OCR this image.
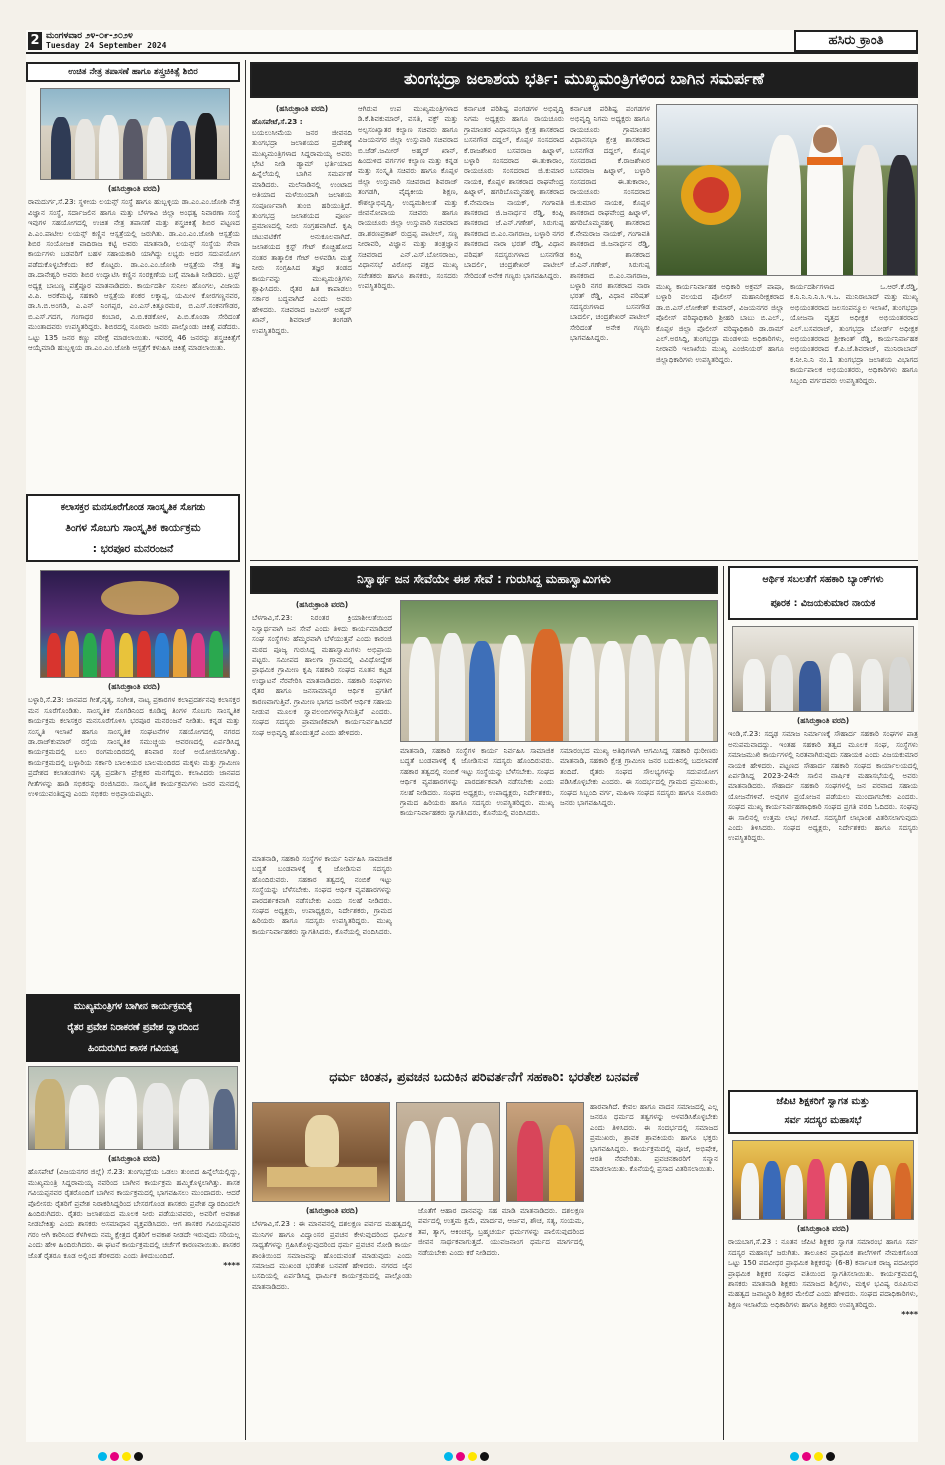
2 ಮಂಗಳವಾರ ೨೪-೦೯-೨೦೨೪
Tuesday 24 September 2024	ಹಸಿರು ಕ್ರಾಂತಿ
ಉಚಿತ ನೇತ್ರ ತಪಾಸಣೆ ಹಾಗೂ ಶಸ್ತ್ರಚಿಕಿತ್ಸೆ ಶಿಬಿರ
(ಹಸಿರುಕ್ರಾಂತಿ ವರದಿ)
ರಾಮದುರ್ಗ,ಸೆ.23: ಸ್ಥಳೀಯ ಲಯನ್ಸ್ ಸಂಸ್ಥೆ ಹಾಗೂ ಹುಬ್ಬಳ್ಳಿಯ ಡಾ.ಎಂ.ಎಂ.ಜೋಶಿ ನೇತ್ರ ವಿಜ್ಞಾನ ಸಂಸ್ಥೆ, ಸರ್ದಾಜಲಿನ ಹಾಗೂ ಮತ್ತು ಬೆಳಗಾವಿ ಜಿಲ್ಲಾ ಅಂಧತ್ವ ನಿವಾರಣಾ ಸಂಸ್ಥೆ ಇವುಗಳ ಸಹಯೋಗದಲ್ಲಿ ಉಚಿತ ನೇತ್ರ ತಪಾಸಣೆ ಮತ್ತು ಶಸ್ತ್ರಚಿಕಿತ್ಸೆ ಶಿಬಿರ ಪಟ್ಟಣದ ಪಿ.ಎಂ.ಪಾಟೀಲ ಲಯನ್ಸ್ ಕಣ್ಣಿನ ಆಸ್ಪತ್ರೆಯಲ್ಲಿ ಜರುಗಿತು. ಡಾ.ಎಂ.ಎಂ.ಜೋಶಿ ಆಸ್ಪತ್ರೆಯ ಶಿಬಿರ ಸಂಯೋಜಕ ವಾದಿರಾಜ ಕಟ್ಟಿ ಅವರು ಮಾತನಾಡಿ, ಲಯನ್ಸ್ ಸಂಸ್ಥೆಯ ಸೇವಾ ಕಾರ್ಯಗಳು ಬಡವರಿಗೆ ಬಹಳ ಸಹಾಯಕಾರಿ ಯಾಗಿದ್ದು ಲಭ್ಯರು ಅದರ ಸದುಪಯೋಗ ಪಡೆದುಕೊಳ್ಳಬೇಕೆಂದು ಕರೆ ಕೊಟ್ಟರು. ಡಾ.ಎಂ.ಎಂ.ಜೋಶಿ ಆಸ್ಪತ್ರೆಯ ನೇತ್ರ ತಜ್ಞ ಡಾ.ದಾನೇಶ್ವರಿ ಅವರು ಶಿಬಿರ ಉದ್ಘಾಟಿಸಿ ಕಣ್ಣಿನ ಸಂರಕ್ಷಣೆಯ ಬಗ್ಗೆ ಮಾಹಿತಿ ನೀಡಿದರು. ಟ್ರಸ್ಟ್ ಅಧ್ಯಕ್ಷ ಬಾಬಣ್ಣ ಪತ್ತೆಪ್ಪೂರ ಮಾತನಾಡಿದರು. ಕಾರ್ಯದರ್ಶಿ ಸುನೀಲ ಹೊಂಗಲ, ವಿಜಾಯ ವಿ.ಪಿ. ಅರಕೆಮಟ್ಟಿ, ಸಹಕಾರಿ ಆಸ್ಪತ್ರೆಯ ಶಂಕರ ಲಕ್ಕಾಪ್ಪ, ಯಮೀಳ ಕೋರಗಣ್ಣನವರ, ಡಾ.ಸಿ.ಬಿ.ಅಂಗಡಿ, ಎ.ಎನ್ ನಿಂಗಪ್ಪರ, ಎಂ.ಎಸ್.ಕಿತ್ತೂರಮಠ, ಬಿ.ಎಸ್.ಸಂಕನಗೌಡರ, ಬಿ.ಎಸ್.ಗದಗ, ಗಂಗಾಧರ ಕಂಬಾರ, ವಿ.ಬಿ.ಕಡಕೋಳ, ಪಿ.ಬಿ.ಕೊಂಡಾ ಸೇರಿದಂತೆ ಮುಂತಾದವರು ಉಪಸ್ಥಿತರಿದ್ದರು. ಶಿಬಿರದಲ್ಲಿ ನೂರಾರು ಜನರು ಪಾಲ್ಗೊಂಡು ಚಿಕಿತ್ಸೆ ಪಡೆದರು. ಒಟ್ಟು 135 ಜನರ ಕಣ್ಣು ಪರೀಕ್ಷೆ ಮಾಡಲಾಯಿತು. ಇವರಲ್ಲಿ 46 ಜನರನ್ನು ಶಸ್ತ್ರಚಿಕಿತ್ಸೆಗೆ ಆಯ್ಕೆಮಾಡಿ ಹುಬ್ಬಳ್ಳಿಯ ಡಾ.ಎಂ.ಎಂ.ಜೋಶಿ ಆಸ್ಪತ್ರೆಗೆ ಕಳುಹಿಸಿ ಚಿಕಿತ್ಸೆ ಮಾಡಲಾಯಿತು.
ಕಲಾಸಕ್ತರ ಮನಸೂರೆಗೊಂಡ ಸಾಂಸ್ಕೃತಿಕ ಸೊಗಡು
ತಿಂಗಳ ಸೊಬಗು ಸಾಂಸ್ಕೃತಿಕ ಕಾರ್ಯಕ್ರಮ
: ಭರಪೂರ ಮನರಂಜನೆ
(ಹಸಿರುಕ್ರಾಂತಿ ವರದಿ)
ಬಳ್ಳಾರಿ,ಸೆ.23: ಜಾನಪದ ಗೀತೆ,ನೃತ್ಯ, ಸಂಗೀತ, ನಾಟ್ಯ ಪ್ರಕಾರಗಳ ಕಲಾಪ್ರದರ್ಶನವು ಕಲಾಸಕ್ತರ ಮನ ಸೂರೆಗೊಂಡಿತು. ಸಾಂಸ್ಕೃತಿಕ ಸೊಗಡಿನಿಂದ ಕೂಡಿದ್ದ ತಿಂಗಳ ಸೊಬಗು ಸಾಂಸ್ಕೃತಿಕ ಕಾರ್ಯಕ್ರಮ ಕಲಾಸಕ್ತರ ಮನಸೂರೆಗೊಳಿಸಿ ಭರಪೂರ ಮನರಂಜನೆ ನೀಡಿತು. ಕನ್ನಡ ಮತ್ತು ಸಂಸ್ಕೃತಿ ಇಲಾಖೆ ಹಾಗೂ ಸಾಂಸ್ಕೃತಿಕ ಸಂಘಟನೆಗಳ ಸಹಯೋಗದಲ್ಲಿ ನಗರದ ಡಾ.ರಾಜ್‍ಕುಮಾರ್ ರಸ್ತೆಯ ಸಾಂಸ್ಕೃತಿಕ ಸಮುಚ್ಚಯ ಆವರಣದಲ್ಲಿ ಏರ್ಪಡಿಸಿದ್ದ ಕಾರ್ಯಕ್ರಮದಲ್ಲಿ ಬಲು ರಂಗಮಂದಿರದಲ್ಲಿ ಶನಿವಾರ ಸಂಜೆ ಅಯೋಜಿಸಲಾಗಿತ್ತು. ಕಾರ್ಯಕ್ರಮದಲ್ಲಿ ಬಳ್ಳಾರಿಯ ಸರ್ಕಾರಿ ಬಾಲಕಿಯರ ಬಾಲಮಂದಿರದ ಮಕ್ಕಳು ಮತ್ತು ಗ್ರಾಮೀಣ ಪ್ರದೇಶದ ಕಲಾತಂಡಗಳು ನೃತ್ಯ ಪ್ರದರ್ಶಿಸಿ ಪ್ರೇಕ್ಷಕರ ಮನಗೆದ್ದರು. ಕಲಾವಿದರು ಜಾನಪದ ಗೀತೆಗಳನ್ನು ಹಾಡಿ ಸಭಿಕರನ್ನು ರಂಜಿಸಿದರು. ಸಾಂಸ್ಕೃತಿಕ ಕಾರ್ಯಕ್ರಮಗಳು ಜನರ ಮನದಲ್ಲಿ ಉಳಿಯುವಂತಿದ್ದವು ಎಂದು ಸಭಿಕರು ಅಭಿಪ್ರಾಯಪಟ್ಟರು.
ಮುಖ್ಯಮಂತ್ರಿಗಳ ಬಾಗೀನ ಕಾರ್ಯಕ್ರಮಕ್ಕೆ
ರೈತರ ಪ್ರವೇಶ ನಿರಾಕರಣೆ ಪ್ರವೇಶ ದ್ವಾರದಿಂದ
ಹಿಂದುರುಗಿದ ಶಾಸಕ ಗವಿಯಪ್ಪ
(ಹಸಿರುಕ್ರಾಂತಿ ವರದಿ)
ಹೊಸಪೇಟೆ (ವಿಜಯನಗರ ಜಿಲ್ಲೆ) ಸೆ.23: ತುಂಗಭದ್ರೆಯ ಒಡಲು ತುಂಬಿದ ಹಿನ್ನೆಲೆಯಲ್ಲಿದ್ದು, ಮುಖ್ಯಮಂತ್ರಿ ಸಿದ್ದರಾಮಯ್ಯ ನವರಿಂದ ಬಾಗೀನ ಕಾರ್ಯಕ್ರಮ ಹಮ್ಮಿಕೊಳ್ಳಲಾಗಿತ್ತು. ಶಾಸಕ ಗವಿಯಪ್ಪನವರ ರೈತರೊಂದಿಗೆ ಬಾಗೀನ ಕಾರ್ಯಕ್ರಮದಲ್ಲಿ ಭಾಗವಹಿಸಲು ಮುಂದಾದರು. ಆದರೆ ಪೊಲೀಸರು ರೈತರಿಗೆ ಪ್ರವೇಶ ನಿರಾಕರಿಸಿದ್ದರಿಂದ ಬೇಸರಗೊಂಡ ಶಾಸಕರು ಪ್ರವೇಶ ದ್ವಾರದಿಂದಲೇ ಹಿಂದಿರುಗಿದರು. ರೈತರು ಜಲಾಶಯದ ಮೂಲಕ ನೀರು ಪಡೆಯುವವರು, ಅವರಿಗೆ ಅವಕಾಶ ನೀಡಬೇಕಿತ್ತು ಎಂದು ಶಾಸಕರು ಅಸಮಾಧಾನ ವ್ಯಕ್ತಪಡಿಸಿದರು. ಆಗ ಶಾಸಕರ ಗವಿಯಪ್ಪನವರ ಗರಂ ಆಗಿ ಕಾರಿನಿಂದ ಕೆಳಗಿಳಿದು ನಮ್ಮ ಕ್ಷೇತ್ರದ ರೈತರಿಗೆ ಅವಕಾಶ ನೀಡದೇ ಇರುವುದು ಸರಿಯಲ್ಲ ಎಂದು ಹೇಳಿ ಹಿಂದಿರುಗಿದರು. ಈ ಘಟನೆ ಕಾರ್ಯಕ್ರಮದಲ್ಲಿ ಚರ್ಚೆಗೆ ಕಾರಣವಾಯಿತು. ಶಾಸಕರ ಜೊತೆ ರೈತರೂ ಕೂಡ ಅಲ್ಲಿಂದ ತೆರಳಿದರು ಎಂದು ತಿಳಿದುಬಂದಿದೆ.
****
ತುಂಗಭದ್ರಾ ಜಲಾಶಯ ಭರ್ತಿ: ಮುಖ್ಯಮಂತ್ರಿಗಳಿಂದ ಬಾಗಿನ ಸಮರ್ಪಣೆ
(ಹಸಿರುಕ್ರಾಂತಿ ವರದಿ)
ಹೊಸಪೇಟೆ,ಸೆ.23 :
ಬಯಲುಸೀಮೆಯ ಜನರ ಜೀವನದಿ ತುಂಗಭದ್ರಾ ಜಲಾಶಯದ ಪ್ರದೇಶಕ್ಕೆ ಮುಖ್ಯಮಂತ್ರಿಗಳಾದ ಸಿದ್ದರಾಮಯ್ಯ ಅವರು ಭೇಟಿ ನೀಡಿ ಡ್ಯಾಮ್ ಭರ್ತಿಯಾದ ಹಿನ್ನೆಲೆಯಲ್ಲಿ ಬಾಗಿನ ಸಮರ್ಪಣೆ ಮಾಡಿದರು. ಮಲೆನಾಡಿನಲ್ಲಿ ಉಂಟಾದ ಅತಿಯಾದ ಮಳೆಯಿಂದಾಗಿ ಜಲಾಶಯ ಸಂಪೂರ್ಣವಾಗಿ ತುಂಬಿ ಹರಿಯುತ್ತಿದೆ. ತುಂಗಭದ್ರ ಜಲಾಶಯದ ಪೂರ್ಣ ಪ್ರಮಾಣದಲ್ಲಿ ನೀರು ಸಂಗ್ರಹವಾಗಿದೆ. ಕೃಷಿ ಚಟುವಟಿಕೆಗೆ ಅನುಕೂಲವಾಗಿದೆ. ಜಲಾಶಯದ ಕ್ರಸ್ಟ್ ಗೇಟ್ ಕೊಚ್ಚಿಹೋದ ನಂತರ ತಾತ್ಕಾಲಿಕ ಗೇಟ್ ಅಳವಡಿಸಿ ಮತ್ತೆ ನೀರು ಸಂಗ್ರಹಿಸಿದ ತಜ್ಞರ ತಂಡದ ಕಾರ್ಯವನ್ನು ಮುಖ್ಯಮಂತ್ರಿಗಳು ಶ್ಲಾಘಿಸಿದರು. ರೈತರ ಹಿತ ಕಾಪಾಡಲು ಸರ್ಕಾರ ಬದ್ಧವಾಗಿದೆ ಎಂದು ಅವರು ಹೇಳಿದರು. ಸಚಿವರಾದ ಜಮೀರ್ ಅಹ್ಮದ್ ಖಾನ್, ಶಿವರಾಜ್ ತಂಗಡಗಿ ಉಪಸ್ಥಿತರಿದ್ದರು.
ಆಗಿರುವ ಉಪ ಮುಖ್ಯಮಂತ್ರಿಗಳಾದ ಡಿ.ಕೆ.ಶಿವಕುಮಾರ್, ವಸತಿ, ವಕ್ಫ್ ಮತ್ತು ಅಲ್ಪಸಂಖ್ಯಾತರ ಕಲ್ಯಾಣ ಸಚಿವರು ಹಾಗೂ ವಿಜಯನಗರ ಜಿಲ್ಲಾ ಉಸ್ತುವಾರಿ ಸಚಿವರಾದ ಬಿ.ಜೆಡ್.ಜಮೀರ್ ಅಹ್ಮದ್ ಖಾನ್, ಹಿಂದುಳಿದ ವರ್ಗಗಳ ಕಲ್ಯಾಣ ಮತ್ತು ಕನ್ನಡ ಮತ್ತು ಸಂಸ್ಕೃತಿ ಸಚಿವರು ಹಾಗೂ ಕೊಪ್ಪಳ ಜಿಲ್ಲಾ ಉಸ್ತುವಾರಿ ಸಚಿವರಾದ ಶಿವರಾಜ್ ತಂಗಡಗಿ, ವೈದ್ಯಕೀಯ ಶಿಕ್ಷಣ, ಕೌಶಲ್ಯಾಭಿವೃದ್ಧಿ, ಉದ್ಯಮಶೀಲತೆ ಮತ್ತು ಜೀವನೋಪಾಯ ಸಚಿವರು ಹಾಗೂ ರಾಯಚೂರು ಜಿಲ್ಲಾ ಉಸ್ತುವಾರಿ ಸಚಿವರಾದ ಡಾ.ಶರಣಪ್ರಕಾಶ್ ರುದ್ರಪ್ಪ ಪಾಟೀಲ್, ಸಣ್ಣ ನೀರಾವರಿ, ವಿಜ್ಞಾನ ಮತ್ತು ತಂತ್ರಜ್ಞಾನ ಸಚಿವರಾದ ಎನ್.ಎಸ್.ಬೋಸರಾಜು, ವಿಧಾನಸಭೆ ವಿರೋಧ ಪಕ್ಷದ ಮುಖ್ಯ ಸಚೇತಕರು ಹಾಗೂ ಶಾಸಕರು, ಸಂಸದರು ಉಪಸ್ಥಿತರಿದ್ದರು.
ಕರ್ನಾಟಕ ಪರಿಶಿಷ್ಟ ಪಂಗಡಗಳ ಅಭಿವೃದ್ಧಿ ನಿಗಮ ಅಧ್ಯಕ್ಷರು ಹಾಗೂ ರಾಯಚೂರು ಗ್ರಾಮಾಂತರ ವಿಧಾನಸಭಾ ಕ್ಷೇತ್ರ ಶಾಸಕರಾದ ಬಸನಗೌಡ ದದ್ದಲ್, ಕೊಪ್ಪಳ ಸಂಸದರಾದ ಕೆ.ರಾಜಶೇಖರ ಬಸವರಾಜ ಹಿಟ್ನಾಳ್, ಬಳ್ಳಾರಿ ಸಂಸದರಾದ ಈ.ತುಕಾರಾಂ, ರಾಯಚೂರು ಸಂಸದರಾದ ಜಿ.ಕುಮಾರ ನಾಯಕ, ಕೊಪ್ಪಳ ಶಾಸಕರಾದ ರಾಘವೇಂದ್ರ ಹಿಟ್ನಾಳ್, ಹಗರಿಬೊಮ್ಮನಹಳ್ಳಿ ಶಾಸಕರಾದ ಕೆ.ನೇಮರಾಜ ನಾಯಕ್, ಗಂಗಾವತಿ ಶಾಸಕರಾದ ಜಿ.ಜನಾರ್ಧನ ರೆಡ್ಡಿ, ಕಂಪ್ಲಿ ಶಾಸಕರಾದ ಜೆ.ಎನ್.ಗಣೇಶ್, ಸಿರುಗುಪ್ಪ ಶಾಸಕರಾದ ಬಿ.ಎಂ.ನಾಗರಾಜ, ಬಳ್ಳಾರಿ ನಗರ ಶಾಸಕರಾದ ನಾರಾ ಭರತ್ ರೆಡ್ಡಿ, ವಿಧಾನ ಪರಿಷತ್ ಸದಸ್ಯರುಗಳಾದ ಬಸನಗೌಡ ಬಾದರ್ಲಿ, ಚಂದ್ರಶೇಖರ್ ಪಾಟೀಲ್ ಸೇರಿದಂತೆ ಅನೇಕ ಗಣ್ಯರು ಭಾಗವಹಿಸಿದ್ದರು.
ಮುಖ್ಯ ಕಾರ್ಯನಿರ್ವಾಹಕ ಅಧಿಕಾರಿ ಅಕ್ರಮ್ ಪಾಷಾ, ಬಳ್ಳಾರಿ ವಲಯದ ಪೊಲೀಸ್ ಮಹಾನಿರೀಕ್ಷಕರಾದ ಡಾ.ಬಿ.ಎಸ್.ಲೋಕೇಶ್ ಕುಮಾರ್, ವಿಜಯನಗರ ಜಿಲ್ಲಾ ಪೊಲೀಸ್ ವರಿಷ್ಠಾಧಿಕಾರಿ ಶ್ರೀಹರಿ ಬಾಬು ಬಿ.ಎಲ್., ಕೊಪ್ಪಳ ಜಿಲ್ಲಾ ಪೊಲೀಸ್ ವರಿಷ್ಠಾಧಿಕಾರಿ ಡಾ.ರಾಮ್ ಎಲ್.ಅರಸಿದ್ದಿ, ತುಂಗಭದ್ರಾ ಮಂಡಳಿಯ ಅಧಿಕಾರಿಗಳು, ನೀರಾವರಿ ಇಲಾಖೆಯ ಮುಖ್ಯ ಎಂಜಿನಿಯರ್ ಹಾಗೂ ಜಿಲ್ಲಾಧಿಕಾರಿಗಳು ಉಪಸ್ಥಿತರಿದ್ದರು.
ಕಾರ್ಯದರ್ಶಿಗಳಾದ ಒ.ಆರ್.ಕೆ.ರೆಡ್ಡಿ, ಕ.ನಿ.ನಿ.ನಿ.ನಿ.ಸಿ.ಇ.ಒ. ಮುನಿರಾಬಾದ್ ಮತ್ತು ಮುಖ್ಯ ಅಭಿಯಂತರರಾದ ಜಲಸಂಪನ್ಮೂಲ ಇಲಾಖೆ, ತುಂಗಭದ್ರಾ ಯೋಜನಾ ವೃತ್ತದ ಅಧೀಕ್ಷಕ ಅಭಿಯಂತರರಾದ ಎಲ್.ಬಸವರಾಜ್, ತುಂಗಭದ್ರಾ ಬೋರ್ಡ್ ಅಧೀಕ್ಷಕ ಅಭಿಯಂತರರಾದ ಶ್ರೀಕಾಂತ್ ರೆಡ್ಡಿ, ಕಾರ್ಯನಿರ್ವಾಹಕ ಅಭಿಯಂತರರಾದ ಕೆ.ಪಿ.ಜೆ.ಶಿವರಾಜ್, ಮುನಿರಾಬಾದ್ ಕ.ನೀ.ನಿ.ನಿ ನಂ.1 ತುಂಗಭದ್ರಾ ಜಲಾಶಯ ವಿಭಾಗದ ಕಾರ್ಯಪಾಲಕ ಅಭಿಯಂತರರು, ಅಧಿಕಾರಿಗಳು ಹಾಗೂ ಸಿಬ್ಬಂದಿ ವರ್ಗದವರು ಉಪಸ್ಥಿತರಿದ್ದರು.
ಕರ್ನಾಟಕ ಪರಿಶಿಷ್ಟ ಪಂಗಡಗಳ ಅಭಿವೃದ್ಧಿ ನಿಗಮ ಅಧ್ಯಕ್ಷರು ಹಾಗೂ ರಾಯಚೂರು ಗ್ರಾಮಾಂತರ ವಿಧಾನಸಭಾ ಕ್ಷೇತ್ರ ಶಾಸಕರಾದ ಬಸನಗೌಡ ದದ್ದಲ್, ಕೊಪ್ಪಳ ಸಂಸದರಾದ ಕೆ.ರಾಜಶೇಖರ ಬಸವರಾಜ ಹಿಟ್ನಾಳ್, ಬಳ್ಳಾರಿ ಸಂಸದರಾದ ಈ.ತುಕಾರಾಂ, ರಾಯಚೂರು ಸಂಸದರಾದ ಜಿ.ಕುಮಾರ ನಾಯಕ, ಕೊಪ್ಪಳ ಶಾಸಕರಾದ ರಾಘವೇಂದ್ರ ಹಿಟ್ನಾಳ್, ಹಗರಿಬೊಮ್ಮನಹಳ್ಳಿ ಶಾಸಕರಾದ ಕೆ.ನೇಮರಾಜ ನಾಯಕ್, ಗಂಗಾವತಿ ಶಾಸಕರಾದ ಜಿ.ಜನಾರ್ಧನ ರೆಡ್ಡಿ, ಕಂಪ್ಲಿ ಶಾಸಕರಾದ ಜೆ.ಎನ್.ಗಣೇಶ್, ಸಿರುಗುಪ್ಪ ಶಾಸಕರಾದ ಬಿ.ಎಂ.ನಾಗರಾಜ, ಬಳ್ಳಾರಿ ನಗರ ಶಾಸಕರಾದ ನಾರಾ ಭರತ್ ರೆಡ್ಡಿ, ವಿಧಾನ ಪರಿಷತ್ ಸದಸ್ಯರುಗಳಾದ ಬಸನಗೌಡ ಬಾದರ್ಲಿ, ಚಂದ್ರಶೇಖರ್ ಪಾಟೀಲ್ ಸೇರಿದಂತೆ ಅನೇಕ ಗಣ್ಯರು ಭಾಗವಹಿಸಿದ್ದರು.
ನಿಸ್ವಾರ್ಥ ಜನ ಸೇವೆಯೇ ಈಶ ಸೇವೆ : ಗುರುಸಿದ್ದ ಮಹಾಸ್ವಾಮಿಗಳು
(ಹಸಿರುಕ್ರಾಂತಿ ವರದಿ)
ಬೆಳಗಾವಿ,ಸೆ.23: ನಿರಂತರ ಕ್ರಿಯಾಶೀಲತೆಯಿಂದ ನಿಸ್ವಾರ್ಥವಾಗಿ ಜನ ಸೇವೆ ಎಂದು ತಿಳಿದು ಕಾರ್ಯಮಾಡಿದರೆ ಸಂಘ ಸಂಸ್ಥೆಗಳು ಹೆಮ್ಮರವಾಗಿ ಬೆಳೆಯುತ್ತವೆ ಎಂದು ಕಾರಂಜಿ ಮಠದ ಪೂಜ್ಯ ಗುರುಸಿದ್ದ ಮಹಾಸ್ವಾಮಿಗಳು ಅಭಿಪ್ರಾಯ ಪಟ್ಟರು. ಸಮೀಪದ ಹಾಲಗಾ ಗ್ರಾಮದಲ್ಲಿ ವಿವಿಧೋದ್ದೇಶ ಪ್ರಾಥಮಿಕ ಗ್ರಾಮೀಣ ಕೃಷಿ ಸಹಕಾರಿ ಸಂಘದ ನೂತನ ಕಟ್ಟಡ ಉದ್ಘಾಟನೆ ನೆರವೇರಿಸಿ ಮಾತನಾಡಿದರು. ಸಹಕಾರಿ ಸಂಘಗಳು ರೈತರ ಹಾಗೂ ಜನಸಾಮಾನ್ಯರ ಆರ್ಥಿಕ ಪ್ರಗತಿಗೆ ಕಾರಣವಾಗುತ್ತಿವೆ. ಗ್ರಾಮೀಣ ಭಾಗದ ಜನರಿಗೆ ಆರ್ಥಿಕ ಸಹಾಯ ನೀಡುವ ಮೂಲಕ ಸ್ವಾವಲಂಬಿಗಳನ್ನಾಗಿಸುತ್ತಿವೆ ಎಂದರು. ಸಂಘದ ಸದಸ್ಯರು ಪ್ರಾಮಾಣಿಕವಾಗಿ ಕಾರ್ಯನಿರ್ವಹಿಸಿದರೆ ಸಂಘ ಅಭಿವೃದ್ಧಿ ಹೊಂದುತ್ತದೆ ಎಂದು ಹೇಳಿದರು.
ಮಾತನಾಡಿ, ಸಹಕಾರಿ ಸಂಸ್ಥೆಗಳ ಕಾರ್ಯ ನಿರ್ವಹಿಸಿ ಸಾಮಾಜಿಕ ಬದ್ಧತೆ ಬಂಡವಾಳಕ್ಕೆ ಕೈ ಜೋಡಿಸುವ ಸದಸ್ಯರು ಹೊಂದಿರುವರು. ಸಹಕಾರ ತತ್ವದಲ್ಲಿ ನಂಬಿಕೆ ಇಟ್ಟು ಸಂಸ್ಥೆಯನ್ನು ಬೆಳೆಸಬೇಕು. ಸಂಘದ ಆರ್ಥಿಕ ವ್ಯವಹಾರಗಳನ್ನು ಪಾರದರ್ಶಕವಾಗಿ ನಡೆಸಬೇಕು ಎಂದು ಸಲಹೆ ನೀಡಿದರು. ಸಂಘದ ಅಧ್ಯಕ್ಷರು, ಉಪಾಧ್ಯಕ್ಷರು, ನಿರ್ದೇಶಕರು, ಗ್ರಾಮದ ಹಿರಿಯರು ಹಾಗೂ ಸದಸ್ಯರು ಉಪಸ್ಥಿತರಿದ್ದರು. ಮುಖ್ಯ ಕಾರ್ಯನಿರ್ವಾಹಕರು ಸ್ವಾಗತಿಸಿದರು, ಕೊನೆಯಲ್ಲಿ ವಂದಿಸಿದರು.
ಸಮಾರಂಭದ ಮುಖ್ಯ ಅತಿಥಿಗಳಾಗಿ ಆಗಮಿಸಿದ್ದ ಸಹಕಾರಿ ಧುರೀಣರು ಮಾತನಾಡಿ, ಸಹಕಾರಿ ಕ್ಷೇತ್ರ ಗ್ರಾಮೀಣ ಜನರ ಬದುಕಿನಲ್ಲಿ ಬದಲಾವಣೆ ತಂದಿದೆ. ರೈತರು ಸಂಘದ ಸೌಲಭ್ಯಗಳನ್ನು ಸದುಪಯೋಗ ಪಡಿಸಿಕೊಳ್ಳಬೇಕು ಎಂದರು. ಈ ಸಂದರ್ಭದಲ್ಲಿ ಗ್ರಾಮದ ಪ್ರಮುಖರು, ಸಂಘದ ಸಿಬ್ಬಂದಿ ವರ್ಗ, ಮಹಿಳಾ ಸಂಘದ ಸದಸ್ಯರು ಹಾಗೂ ನೂರಾರು ಜನರು ಭಾಗವಹಿಸಿದ್ದರು.
ಮಾತನಾಡಿ, ಸಹಕಾರಿ ಸಂಸ್ಥೆಗಳ ಕಾರ್ಯ ನಿರ್ವಹಿಸಿ ಸಾಮಾಜಿಕ ಬದ್ಧತೆ ಬಂಡವಾಳಕ್ಕೆ ಕೈ ಜೋಡಿಸುವ ಸದಸ್ಯರು ಹೊಂದಿರುವರು. ಸಹಕಾರ ತತ್ವದಲ್ಲಿ ನಂಬಿಕೆ ಇಟ್ಟು ಸಂಸ್ಥೆಯನ್ನು ಬೆಳೆಸಬೇಕು. ಸಂಘದ ಆರ್ಥಿಕ ವ್ಯವಹಾರಗಳನ್ನು ಪಾರದರ್ಶಕವಾಗಿ ನಡೆಸಬೇಕು ಎಂದು ಸಲಹೆ ನೀಡಿದರು. ಸಂಘದ ಅಧ್ಯಕ್ಷರು, ಉಪಾಧ್ಯಕ್ಷರು, ನಿರ್ದೇಶಕರು, ಗ್ರಾಮದ ಹಿರಿಯರು ಹಾಗೂ ಸದಸ್ಯರು ಉಪಸ್ಥಿತರಿದ್ದರು. ಮುಖ್ಯ ಕಾರ್ಯನಿರ್ವಾಹಕರು ಸ್ವಾಗತಿಸಿದರು, ಕೊನೆಯಲ್ಲಿ ವಂದಿಸಿದರು.
ಧರ್ಮ ಚಿಂತನ, ಪ್ರವಚನ ಬದುಕಿನ ಪರಿವರ್ತನೆಗೆ ಸಹಕಾರಿ: ಭರತೇಶ ಬನವಣೆ
(ಹಸಿರುಕ್ರಾಂತಿ ವರದಿ)
ಬೆಳಗಾವಿ,ಸೆ.23 : ಈ ಮಾನವನಲ್ಲಿ ದಶಲಕ್ಷಣ ಪರ್ವದ ಮಹತ್ವದಲ್ಲಿ ಮುನಿಗಳ ಹಾಗೂ ವಿದ್ವಾಂಸರ ಪ್ರವಚನ ಕೇಳುವುದರಿಂದ ಧರ್ಮಿಕ ಸಾಧ್ಯತೆಗಳನ್ನು ಗ್ರಹಿಸಿಕೊಳ್ಳುವುದರಿಂದ ಧರ್ಮ ಪ್ರವಚನ ನೋಡಿ ಕಾರ್ಯ ಶಾಂತಿಯಿಂದ ಸಮಾಜವನ್ನು ಹೊಂದುವಂತೆ ಮಾಡುವುದು ಎಂದು ಸಮಾಜದ ಮುಖಂಡ ಭರತೇಶ ಬನವಣೆ ಹೇಳಿದರು. ನಗರದ ಜೈನ ಬಸದಿಯಲ್ಲಿ ಏರ್ಪಡಿಸಿದ್ದ ಧಾರ್ಮಿಕ ಕಾರ್ಯಕ್ರಮದಲ್ಲಿ ಪಾಲ್ಗೊಂಡು ಮಾತನಾಡಿದರು.
ಜೊತೆಗೆ ಆಹಾರ ದಾನವನ್ನು ಸಹ ಮಾಡಿ ಮಾತನಾಡಿದರು. ದಶಲಕ್ಷಣ ಪರ್ವದಲ್ಲಿ ಉತ್ತಮ ಕ್ಷಮೆ, ಮಾರ್ದವ, ಆರ್ಜವ, ಶೌಚ, ಸತ್ಯ, ಸಂಯಮ, ತಪ, ತ್ಯಾಗ, ಆಕಿಂಚನ್ಯ, ಬ್ರಹ್ಮಚರ್ಯ ಧರ್ಮಗಳನ್ನು ಪಾಲಿಸುವುದರಿಂದ ಜೀವನ ಸಾರ್ಥಕವಾಗುತ್ತದೆ. ಯುವಜನಾಂಗ ಧರ್ಮದ ಮಾರ್ಗದಲ್ಲಿ ನಡೆಯಬೇಕು ಎಂದು ಕರೆ ನೀಡಿದರು.
ಹಾರವಾಗಿದೆ. ಕೇವಲ ಹಾಗೂ ವಾದನ ಸಮಾಜದಲ್ಲಿ ಎಲ್ಲ ಜನರೂ ಧರ್ಮದ ತತ್ವಗಳನ್ನು ಅಳವಡಿಸಿಕೊಳ್ಳಬೇಕು ಎಂದು ತಿಳಿಸಿದರು. ಈ ಸಂದರ್ಭದಲ್ಲಿ ಸಮಾಜದ ಪ್ರಮುಖರು, ಶ್ರಾವಕ ಶ್ರಾವಕಿಯರು ಹಾಗೂ ಭಕ್ತರು ಭಾಗವಹಿಸಿದ್ದರು. ಕಾರ್ಯಕ್ರಮದಲ್ಲಿ ಪೂಜೆ, ಅಭಿಷೇಕ, ಆರತಿ ನೆರವೇರಿತು. ಪ್ರವಚನಕಾರರಿಗೆ ಸನ್ಮಾನ ಮಾಡಲಾಯಿತು. ಕೊನೆಯಲ್ಲಿ ಪ್ರಸಾದ ವಿತರಿಸಲಾಯಿತು.
ಆರ್ಥಿಕ ಸಬಲತೆಗೆ ಸಹಕಾರಿ ಬ್ಯಾಂಕ್‍ಗಳು
ಪೂರಕ : ವಿಜಯಕುಮಾರ ನಾಯಕ
(ಹಸಿರುಕ್ರಾಂತಿ ವರದಿ)
ಇಂಡಿ,ಸೆ.23: ಸದೃಢ ಸಮಾಜ ನಿರ್ಮಾಣಕ್ಕೆ ಸೌಹಾರ್ದ ಸಹಕಾರಿ ಸಂಘಗಳ ಪಾತ್ರ ಅನುಪಮವಾದದ್ದು. ಇಂತಹ ಸಹಕಾರಿ ತತ್ವದ ಮೂಲಕ ಸಂಘ, ಸಂಸ್ಥೆಗಳು ಸಮಾಜಮುಖಿ ಕಾರ್ಯಗಳಲ್ಲಿ ನಿರತವಾಗಿರುವುದು ಸಹಾಯಕ ಎಂದು ವಿಜಯಕುಮಾರ ನಾಯಕ ಹೇಳಿದರು. ಪಟ್ಟಣದ ಸೌಹಾರ್ದ ಸಹಕಾರಿ ಸಂಘದ ಕಾರ್ಯಾಲಯದಲ್ಲಿ ಏರ್ಪಡಿಸಿದ್ದ 2023-24ನೇ ಸಾಲಿನ ವಾರ್ಷಿಕ ಮಹಾಸಭೆಯಲ್ಲಿ ಅವರು ಮಾತನಾಡಿದರು. ಸೌಹಾರ್ದ ಸಹಕಾರಿ ಸಂಘಗಳಲ್ಲಿ ಜನ ಪರವಾದ ಸಹಾಯ ಯೋಜನೆಗಳಿವೆ. ಅವುಗಳ ಪ್ರಯೋಜನ ಪಡೆಯಲು ಮುಂದಾಗಬೇಕು ಎಂದರು. ಸಂಘದ ಮುಖ್ಯ ಕಾರ್ಯನಿರ್ವಹಣಾಧಿಕಾರಿ ಸಂಘದ ಪ್ರಗತಿ ವರದಿ ಓದಿದರು. ಸಂಘವು ಈ ಸಾಲಿನಲ್ಲಿ ಉತ್ತಮ ಲಾಭ ಗಳಿಸಿದೆ. ಸದಸ್ಯರಿಗೆ ಲಾಭಾಂಶ ವಿತರಿಸಲಾಗುವುದು ಎಂದು ತಿಳಿಸಿದರು. ಸಂಘದ ಅಧ್ಯಕ್ಷರು, ನಿರ್ದೇಶಕರು ಹಾಗೂ ಸದಸ್ಯರು ಉಪಸ್ಥಿತರಿದ್ದರು.
ಜೆಪಿಟಿ ಶಿಕ್ಷಕರಿಗೆ ಸ್ವಾಗತ ಮತ್ತು
ಸರ್ವ ಸದಸ್ಯರ ಮಹಾಸಭೆ
(ಹಸಿರುಕ್ರಾಂತಿ ವರದಿ)
ರಾಯಬಾಗ,ಸೆ.23 : ನೂತನ ಜೆಪಿಟಿ ಶಿಕ್ಷಕರ ಸ್ವಾಗತ ಸಮಾರಂಭ ಹಾಗೂ ಸರ್ವ ಸದಸ್ಯರ ಮಹಾಸಭೆ ಜರುಗಿತು. ತಾಲೂಕಿನ ಪ್ರಾಥಮಿಕ ಶಾಲೆಗಳಿಗೆ ನೇಮಕಗೊಂಡ ಒಟ್ಟು 150 ಪದವೀಧರ ಪ್ರಾಥಮಿಕ ಶಿಕ್ಷಕರನ್ನು (6-8) ಕರ್ನಾಟಕ ರಾಜ್ಯ ಪದವೀಧರ ಪ್ರಾಥಮಿಕ ಶಿಕ್ಷಕರ ಸಂಘದ ವತಿಯಿಂದ ಸ್ವಾಗತಿಸಲಾಯಿತು. ಕಾರ್ಯಕ್ರಮದಲ್ಲಿ ಶಾಸಕರು ಮಾತನಾಡಿ ಶಿಕ್ಷಕರು ಸಮಾಜದ ಶಿಲ್ಪಿಗಳು, ಮಕ್ಕಳ ಭವಿಷ್ಯ ರೂಪಿಸುವ ಮಹತ್ವದ ಜವಾಬ್ದಾರಿ ಶಿಕ್ಷಕರ ಮೇಲಿದೆ ಎಂದು ಹೇಳಿದರು. ಸಂಘದ ಪದಾಧಿಕಾರಿಗಳು, ಶಿಕ್ಷಣ ಇಲಾಖೆಯ ಅಧಿಕಾರಿಗಳು ಹಾಗೂ ಶಿಕ್ಷಕರು ಉಪಸ್ಥಿತರಿದ್ದರು.
****
